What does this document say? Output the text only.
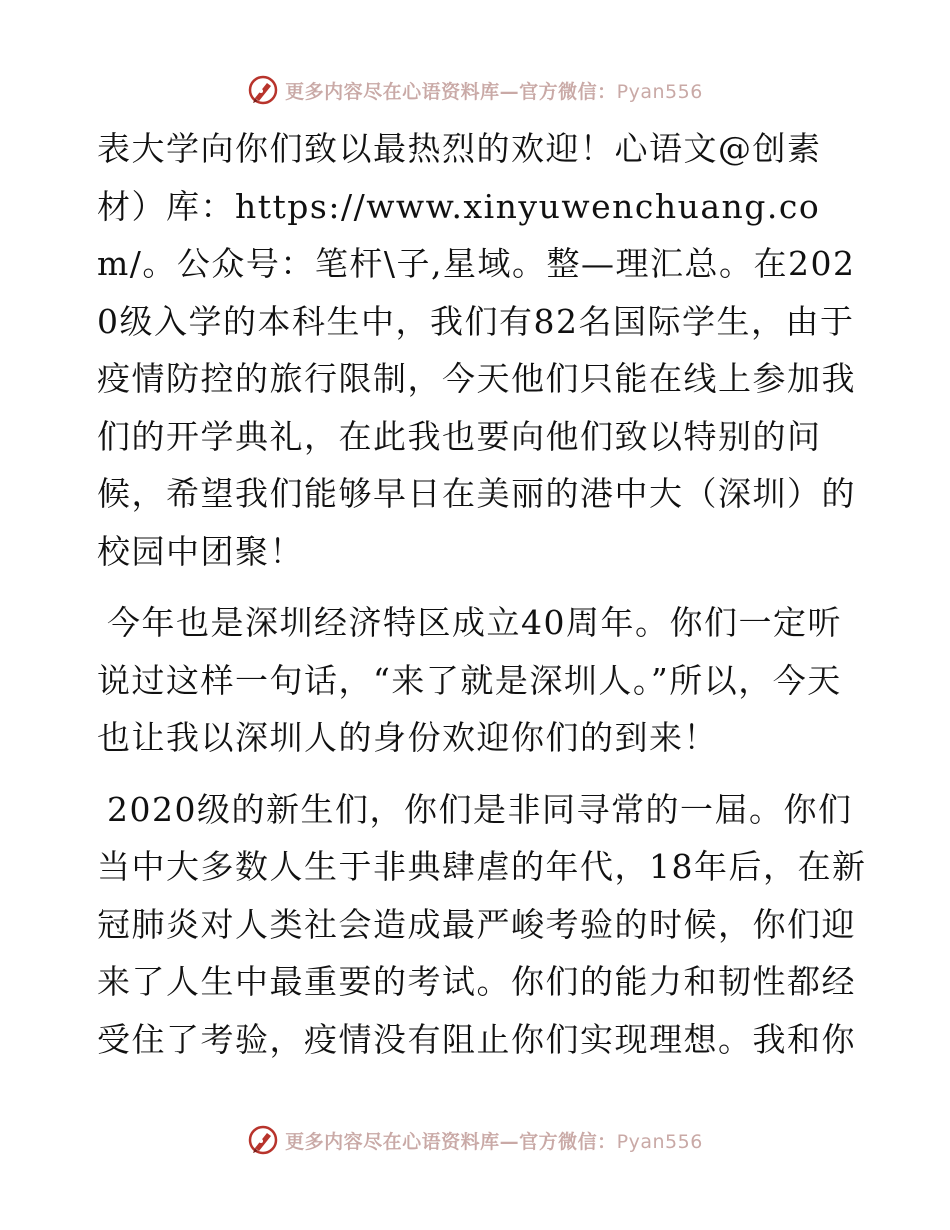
更多内容尽在心语资料库—官方微信：Pyan556

表大学向你们致以最热烈的欢迎！心语文@创素材）库：https://www.xinyuwenchuang.com/。公众号：笔杆\子,星域。整—理汇总。在2020级入学的本科生中，我们有82名国际学生，由于疫情防控的旅行限制，今天他们只能在线上参加我们的开学典礼，在此我也要向他们致以特别的问候，希望我们能够早日在美丽的港中大（深圳）的校园中团聚！

今年也是深圳经济特区成立40周年。你们一定听说过这样一句话，“来了就是深圳人。”所以，今天也让我以深圳人的身份欢迎你们的到来！

2020级的新生们，你们是非同寻常的一届。你们当中大多数人生于非典肆虐的年代，18年后，在新冠肺炎对人类社会造成最严峻考验的时候，你们迎来了人生中最重要的考试。你们的能力和韧性都经受住了考验，疫情没有阻止你们实现理想。我和你

更多内容尽在心语资料库—官方微信：Pyan556
